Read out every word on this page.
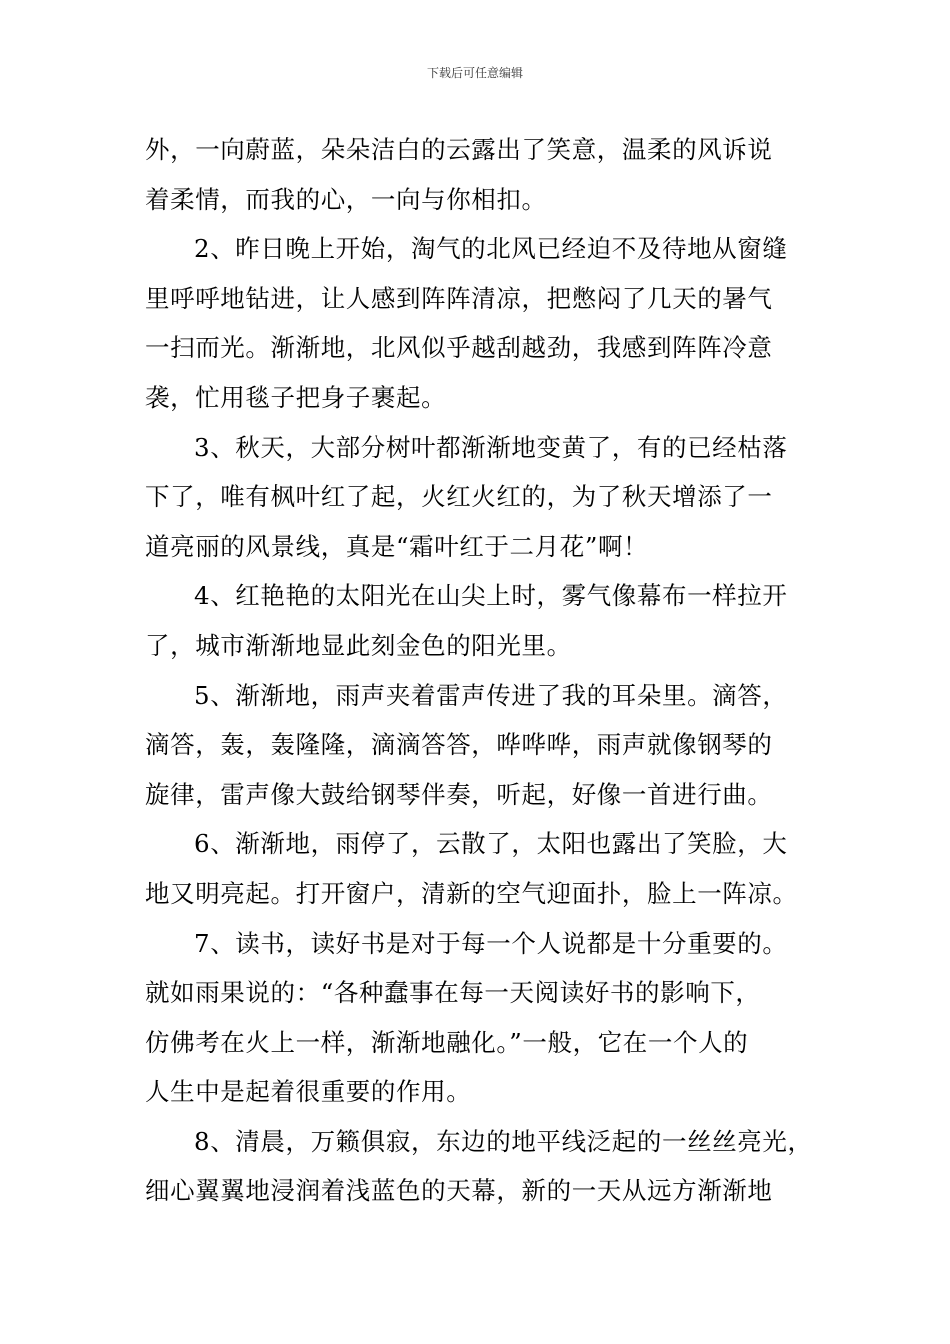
下载后可任意编辑
外，一向蔚蓝，朵朵洁白的云露出了笑意，温柔的风诉说
着柔情，而我的心，一向与你相扣。
2、昨日晚上开始，淘气的北风已经迫不及待地从窗缝
里呼呼地钻进，让人感到阵阵清凉，把憋闷了几天的暑气
一扫而光。渐渐地，北风似乎越刮越劲，我感到阵阵冷意
袭，忙用毯子把身子裹起。
3、秋天，大部分树叶都渐渐地变黄了，有的已经枯落
下了，唯有枫叶红了起，火红火红的，为了秋天增添了一
道亮丽的风景线，真是“霜叶红于二月花”啊！
4、红艳艳的太阳光在山尖上时，雾气像幕布一样拉开
了，城市渐渐地显此刻金色的阳光里。
5、渐渐地，雨声夹着雷声传进了我的耳朵里。滴答，
滴答，轰，轰隆隆，滴滴答答，哗哗哗，雨声就像钢琴的
旋律，雷声像大鼓给钢琴伴奏，听起，好像一首进行曲。
6、渐渐地，雨停了，云散了，太阳也露出了笑脸，大
地又明亮起。打开窗户，清新的空气迎面扑，脸上一阵凉。
7、读书，读好书是对于每一个人说都是十分重要的。
就如雨果说的：“各种蠢事在每一天阅读好书的影响下，
仿佛考在火上一样，渐渐地融化。”一般，它在一个人的
人生中是起着很重要的作用。
8、清晨，万籁俱寂，东边的地平线泛起的一丝丝亮光，
细心翼翼地浸润着浅蓝色的天幕，新的一天从远方渐渐地
